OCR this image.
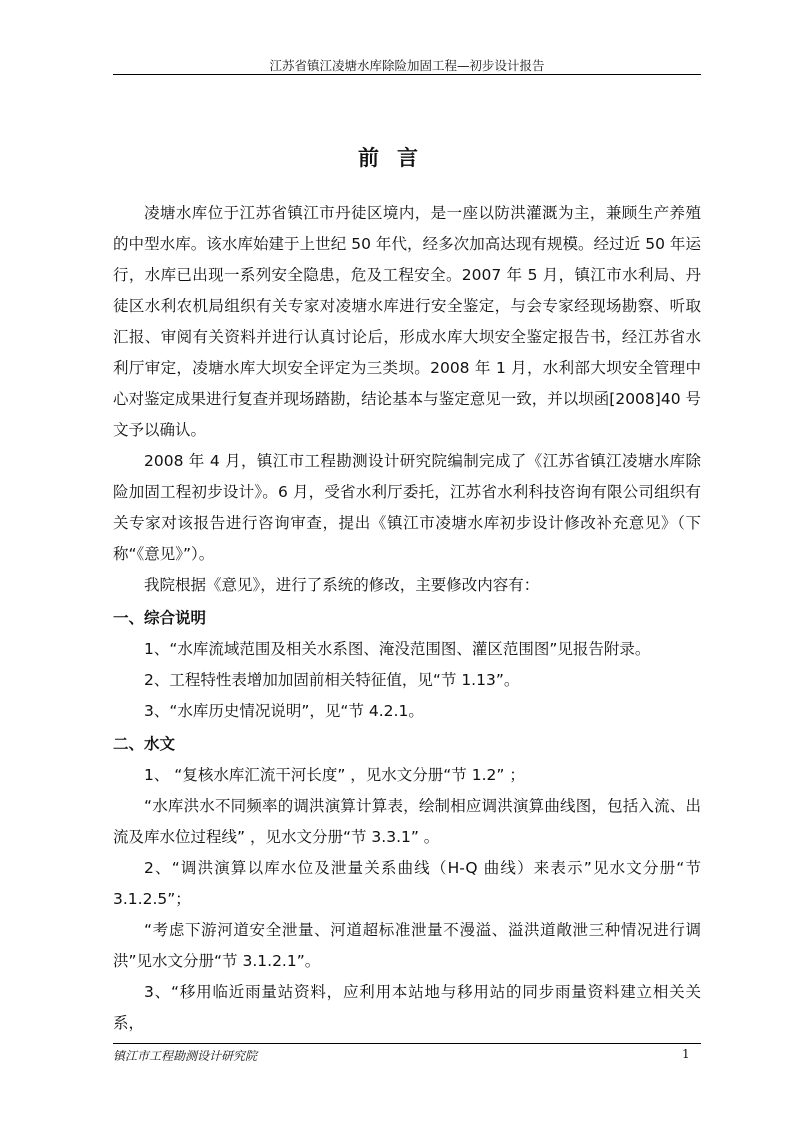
江苏省镇江凌塘水库除险加固工程—初步设计报告
前言

凌塘水库位于江苏省镇江市丹徒区境内，是一座以防洪灌溉为主，兼顾生产养殖的中型水库。该水库始建于上世纪 50 年代，经多次加高达现有规模。经过近 50 年运行，水库已出现一系列安全隐患，危及工程安全。2007 年 5 月，镇江市水利局、丹徒区水利农机局组织有关专家对凌塘水库进行安全鉴定，与会专家经现场勘察、听取汇报、审阅有关资料并进行认真讨论后，形成水库大坝安全鉴定报告书，经江苏省水利厅审定，凌塘水库大坝安全评定为三类坝。2008 年 1 月，水利部大坝安全管理中心对鉴定成果进行复查并现场踏勘，结论基本与鉴定意见一致，并以坝函[2008]40 号文予以确认。

2008 年 4 月，镇江市工程勘测设计研究院编制完成了《江苏省镇江凌塘水库除险加固工程初步设计》。6 月，受省水利厅委托，江苏省水利科技咨询有限公司组织有关专家对该报告进行咨询审查，提出《镇江市凌塘水库初步设计修改补充意见》（下称“《意见》”）。

我院根据《意见》，进行了系统的修改，主要修改内容有：

一、综合说明

1、“水库流域范围及相关水系图、淹没范围图、灌区范围图”见报告附录。

2、工程特性表增加加固前相关特征值，见“节 1.13”。

3、“水库历史情况说明”，见“节 4.2.1。

二、水文

1、 “复核水库汇流干河长度” ，见水文分册“节 1.2” ；

“水库洪水不同频率的调洪演算计算表，绘制相应调洪演算曲线图，包括入流、出流及库水位过程线” ，见水文分册“节 3.3.1” 。

2、“调洪演算以库水位及泄量关系曲线（H-Q 曲线）来表示”见水文分册“节 3.1.2.5”；

“考虑下游河道安全泄量、河道超标准泄量不漫溢、溢洪道敞泄三种情况进行调洪”见水文分册“节 3.1.2.1”。

3、“移用临近雨量站资料，应利用本站地与移用站的同步雨量资料建立相关关系，

镇江市工程勘测设计研究院	1
